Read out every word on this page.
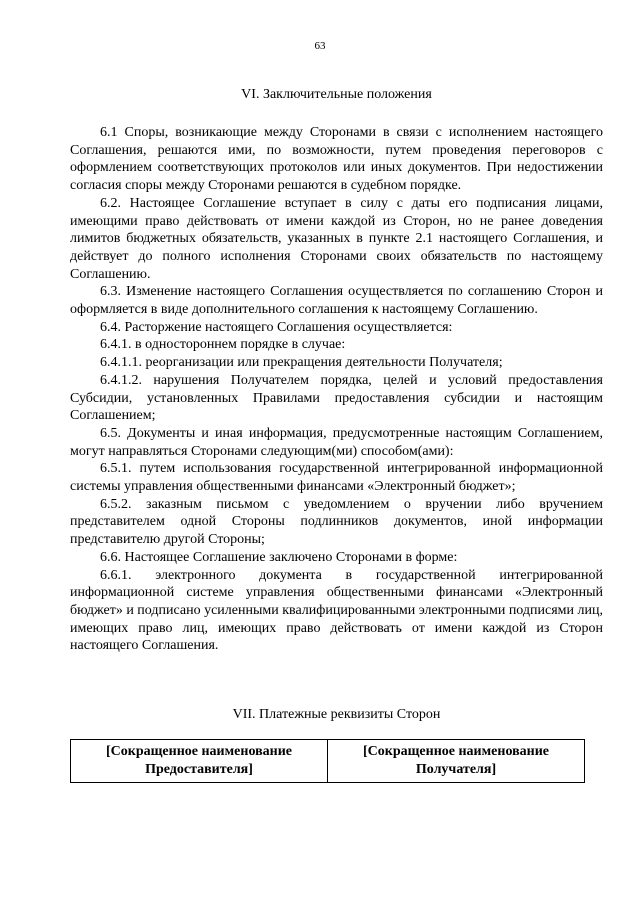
63
VI. Заключительные положения

6.1 Споры, возникающие между Сторонами в связи с исполнением настоящего Соглашения, решаются ими, по возможности, путем проведения переговоров с оформлением соответствующих протоколов или иных документов. При недостижении согласия споры между Сторонами решаются в судебном порядке.

6.2. Настоящее Соглашение вступает в силу с даты его подписания лицами, имеющими право действовать от имени каждой из Сторон, но не ранее доведения лимитов бюджетных обязательств, указанных в пункте 2.1 настоящего Соглашения, и действует до полного исполнения Сторонами своих обязательств по настоящему Соглашению.

6.3. Изменение настоящего Соглашения осуществляется по соглашению Сторон и оформляется в виде дополнительного соглашения к настоящему Соглашению.

6.4. Расторжение настоящего Соглашения осуществляется:

6.4.1. в одностороннем порядке в случае:

6.4.1.1. реорганизации или прекращения деятельности Получателя;

6.4.1.2. нарушения Получателем порядка, целей и условий предоставления Субсидии, установленных Правилами предоставления субсидии и настоящим Соглашением;

6.5. Документы и иная информация, предусмотренные настоящим Соглашением, могут направляться Сторонами следующим(ми) способом(ами):

6.5.1. путем использования государственной интегрированной информационной системы управления общественными финансами «Электронный бюджет»;

6.5.2. заказным письмом с уведомлением о вручении либо вручением представителем одной Стороны подлинников документов, иной информации представителю другой Стороны;

6.6. Настоящее Соглашение заключено Сторонами в форме:

6.6.1. электронного документа в государственной интегрированной информационной системе управления общественными финансами «Электронный бюджет» и подписано усиленными квалифицированными электронными подписями лиц, имеющих право лиц, имеющих право действовать от имени каждой из Сторон настоящего Соглашения.

VII. Платежные реквизиты Сторон
[Сокращенное наименование
Предоставителя]

[Сокращенное наименование
Получателя]
